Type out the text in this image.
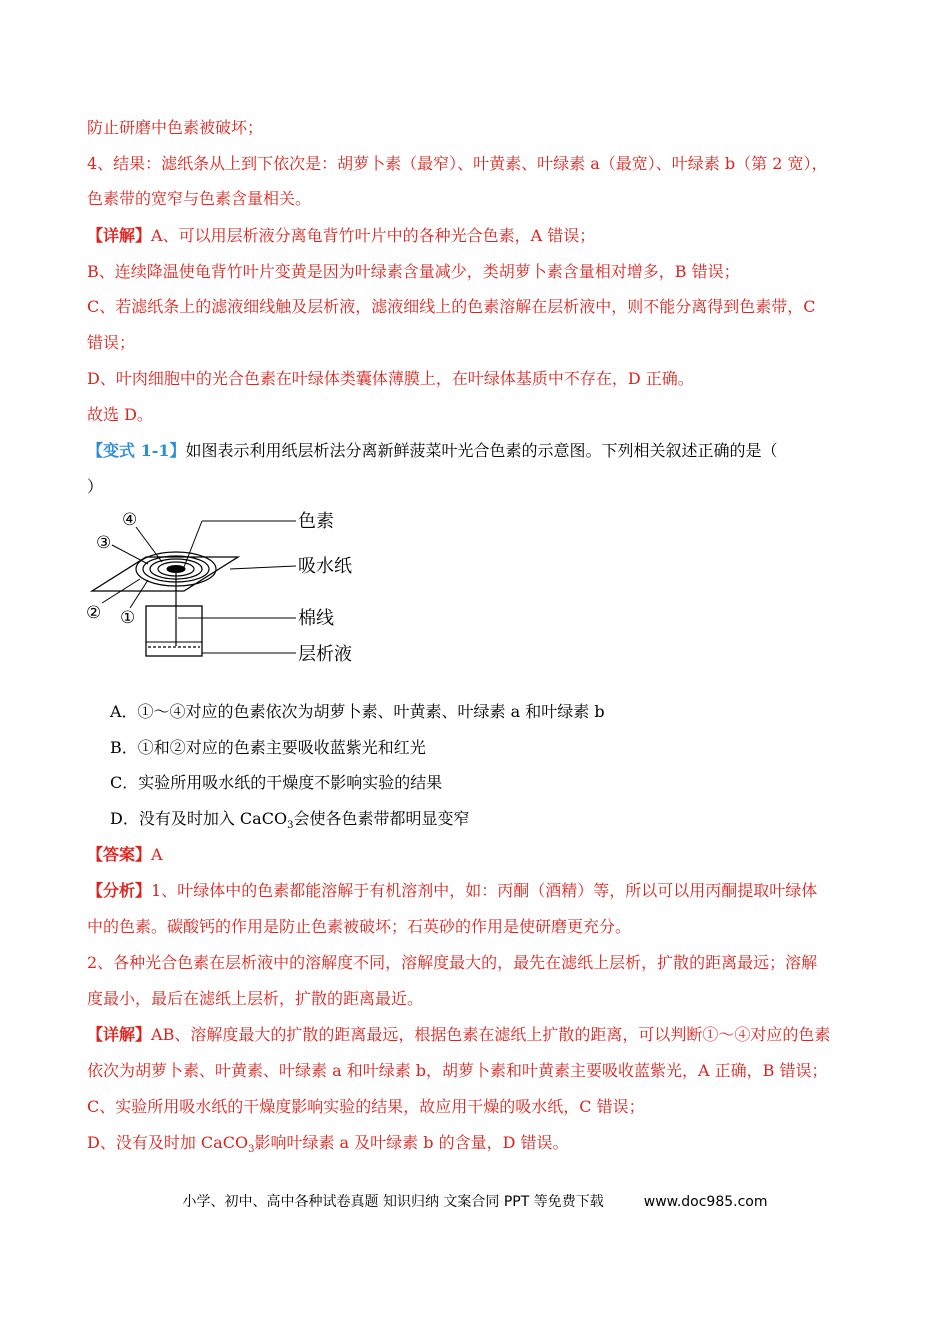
防止研磨中色素被破坏；
4、结果：滤纸条从上到下依次是：胡萝卜素（最窄）、叶黄素、叶绿素 a（最宽）、叶绿素 b（第 2 宽），
色素带的宽窄与色素含量相关。
【详解】A、可以用层析液分离龟背竹叶片中的各种光合色素，A 错误；
B、连续降温使龟背竹叶片变黄是因为叶绿素含量减少，类胡萝卜素含量相对增多，B 错误；
C、若滤纸条上的滤液细线触及层析液，滤液细线上的色素溶解在层析液中，则不能分离得到色素带，C
错误；
D、叶肉细胞中的光合色素在叶绿体类囊体薄膜上，在叶绿体基质中不存在，D 正确。
故选 D。
【变式 1-1】如图表示利用纸层析法分离新鲜菠菜叶光合色素的示意图。下列相关叙述正确的是（
）
④
③
② ①
色素
吸水纸
棉线
层析液
A．①～④对应的色素依次为胡萝卜素、叶黄素、叶绿素 a 和叶绿素 b
B．①和②对应的色素主要吸收蓝紫光和红光
C．实验所用吸水纸的干燥度不影响实验的结果
D．没有及时加入 CaCO$_3$会使各色素带都明显变窄
【答案】A
【分析】1、叶绿体中的色素都能溶解于有机溶剂中，如：丙酮（酒精）等，所以可以用丙酮提取叶绿体
中的色素。碳酸钙的作用是防止色素被破坏；石英砂的作用是使研磨更充分。
2、各种光合色素在层析液中的溶解度不同，溶解度最大的，最先在滤纸上层析，扩散的距离最远；溶解
度最小，最后在滤纸上层析，扩散的距离最近。
【详解】AB、溶解度最大的扩散的距离最远，根据色素在滤纸上扩散的距离，可以判断①～④对应的色素
依次为胡萝卜素、叶黄素、叶绿素 a 和叶绿素 b，胡萝卜素和叶黄素主要吸收蓝紫光，A 正确，B 错误；
C、实验所用吸水纸的干燥度影响实验的结果，故应用干燥的吸水纸，C 错误；
D、没有及时加 CaCO$_3$影响叶绿素 a 及叶绿素 b 的含量，D 错误。
小学、初中、高中各种试卷真题 知识归纳 文案合同 PPT 等免费下载	www.doc985.com
